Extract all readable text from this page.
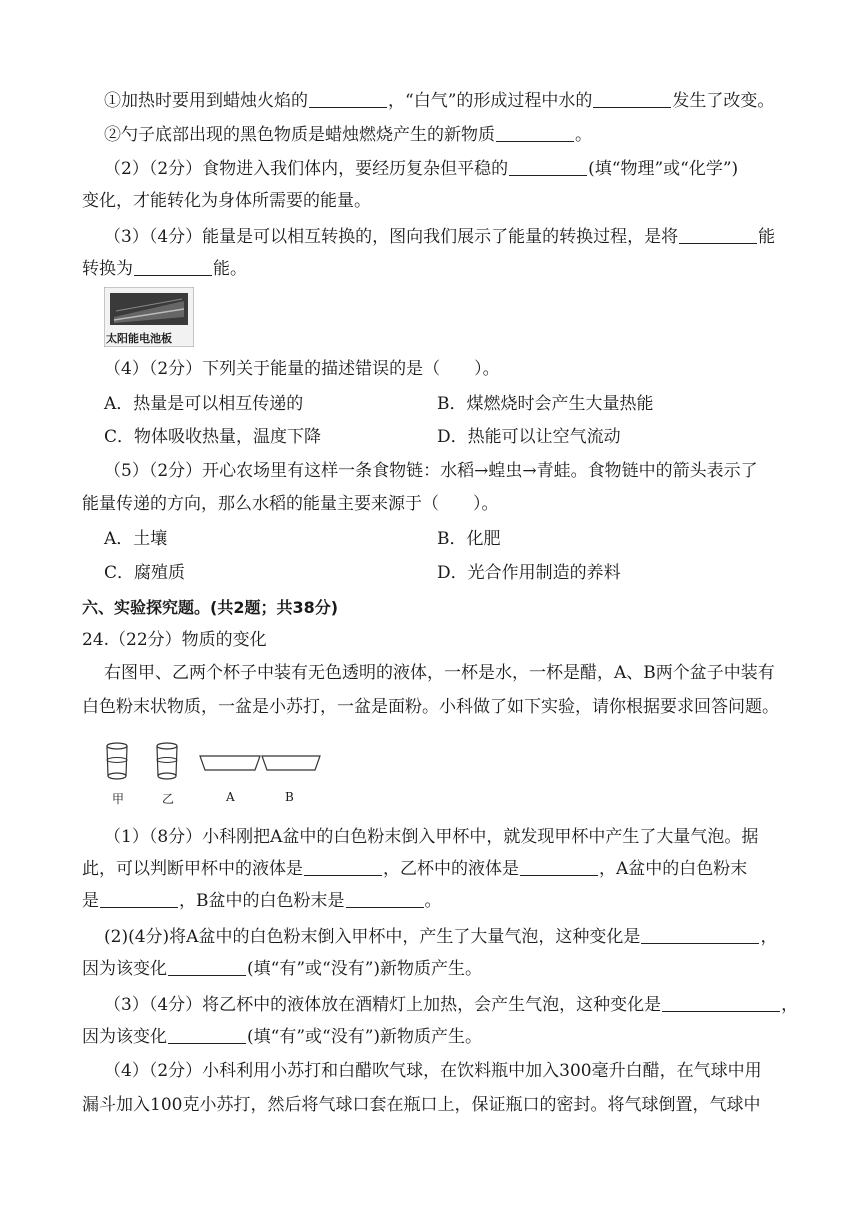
①加热时要用到蜡烛火焰的	，“白气”的形成过程中水的	发生了改变。
②勺子底部出现的黑色物质是蜡烛燃烧产生的新物质	。
（2）（2分）食物进入我们体内，要经历复杂但平稳的	(填“物理”或“化学”)
变化，才能转化为身体所需要的能量。
（3）（4分）能量是可以相互转换的，图向我们展示了能量的转换过程，是将	能
转换为	能。
太阳能电池板
（4）（2分）下列关于能量的描述错误的是（　　）。
A．热量是可以相互传递的	B．煤燃烧时会产生大量热能
C．物体吸收热量，温度下降	D．热能可以让空气流动
（5）（2分）开心农场里有这样一条食物链：水稻→蝗虫→青蛙。食物链中的箭头表示了
能量传递的方向，那么水稻的能量主要来源于（　　）。
A．土壤	B．化肥
C．腐殖质	D．光合作用制造的养料
六、实验探究题。(共2题；共38分)
24.（22分）物质的变化
右图甲、乙两个杯子中装有无色透明的液体，一杯是水，一杯是醋，A、B两个盆子中装有
白色粉末状物质，一盆是小苏打，一盆是面粉。小科做了如下实验，请你根据要求回答问题。
甲	乙	A	B
（1）（8分）小科刚把A盆中的白色粉末倒入甲杯中，就发现甲杯中产生了大量气泡。据
此，可以判断甲杯中的液体是	，乙杯中的液体是	，A盆中的白色粉末
是	，B盆中的白色粉末是	。
(2)(4分)将A盆中的白色粉末倒入甲杯中，产生了大量气泡，这种变化是	，
因为该变化	(填“有”或“没有”)新物质产生。
（3）（4分）将乙杯中的液体放在酒精灯上加热，会产生气泡，这种变化是	，
因为该变化	(填“有”或“没有”)新物质产生。
（4）（2分）小科利用小苏打和白醋吹气球，在饮料瓶中加入300毫升白醋，在气球中用
漏斗加入100克小苏打，然后将气球口套在瓶口上，保证瓶口的密封。将气球倒置，气球中
